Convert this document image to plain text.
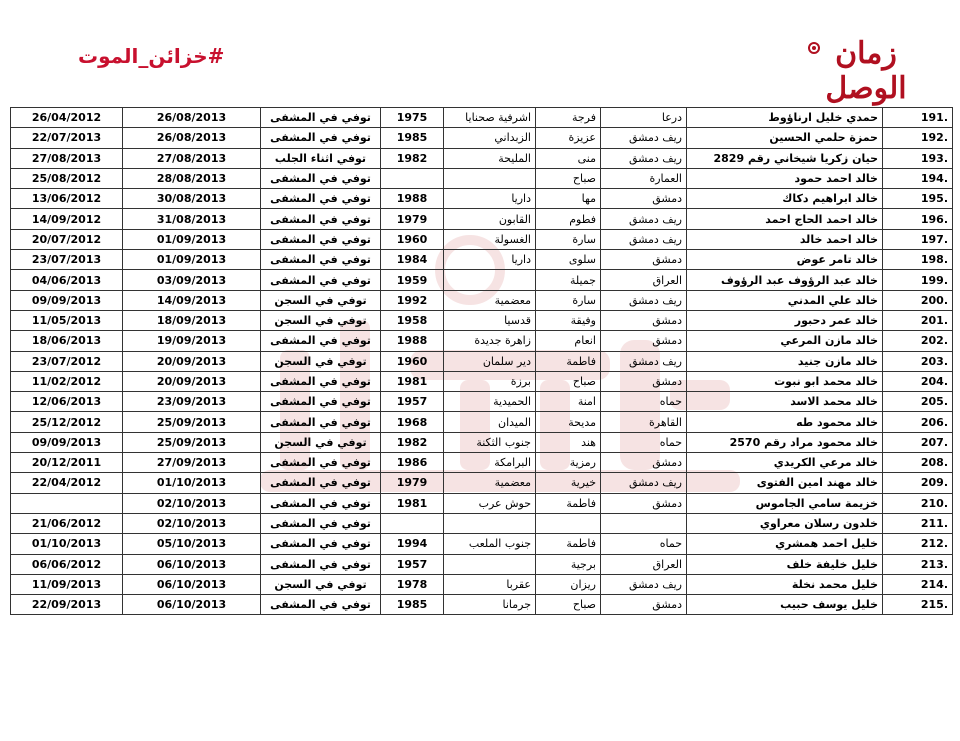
#خزائن_الموت	زمان الوصل
26/04/2012	26/08/2013	توفي في المشفى	1975	اشرفية صحنايا	فرجة	درعا	حمدي خليل ارناؤوط	191.
22/07/2013	26/08/2013	توفي في المشفى	1985	الزبداني	عزيزة	ريف دمشق	حمزة حلمي الحسين	192.
27/08/2013	27/08/2013	توفي اثناء الجلب	1982	المليحة	منى	ريف دمشق	حيان زكريا شيخاني رقم 2829	193.
25/08/2012	28/08/2013	توفي في المشفى			صباح	العمارة	خالد احمد حمود	194.
13/06/2012	30/08/2013	توفي في المشفى	1988	داريا	مها	دمشق	خالد ابراهيم دكاك	195.
14/09/2012	31/08/2013	توفي في المشفى	1979	القابون	فطوم	ريف دمشق	خالد احمد الحاج احمد	196.
20/07/2012	01/09/2013	توفي في المشفى	1960	الغسولة	سارة	ريف دمشق	خالد احمد خالد	197.
23/07/2013	01/09/2013	توفي في المشفى	1984	داريا	سلوى	دمشق	خالد تامر عوض	198.
04/06/2013	03/09/2013	توفي في المشفى	1959		جميلة	العراق	خالد عبد الرؤوف عبد الرؤوف	199.
09/09/2013	14/09/2013	توفي في السجن	1992	معضمية	سارة	ريف دمشق	خالد علي المدني	200.
11/05/2013	18/09/2013	توفي في السجن	1958	قدسيا	وفيقة	دمشق	خالد عمر دحبور	201.
18/06/2013	19/09/2013	توفي في المشفى	1988	زاهرة جديدة	انعام	دمشق	خالد مازن المرعي	202.
23/07/2012	20/09/2013	توفي في السجن	1960	دير سلمان	فاطمة	ريف دمشق	خالد مازن جنيد	203.
11/02/2012	20/09/2013	توفي في المشفى	1981	برزة	صباح	دمشق	خالد محمد ابو نبوت	204.
12/06/2013	23/09/2013	توفي في المشفى	1957	الحميدية	امنة	حماه	خالد محمد الاسد	205.
25/12/2012	25/09/2013	توفي في المشفى	1968	الميدان	مديحة	القاهرة	خالد محمود طه	206.
09/09/2013	25/09/2013	توفي في السجن	1982	جنوب الثكنة	هند	حماه	خالد محمود مراد رقم 2570	207.
20/12/2011	27/09/2013	توفي في المشفى	1986	البرامكة	رمزية	دمشق	خالد مرعي الكريدي	208.
22/04/2012	01/10/2013	توفي في المشفى	1979	معضمية	خيرية	ريف دمشق	خالد مهند امين الفتوى	209.
	02/10/2013	توفي في المشفى	1981	حوش عرب	فاطمة	دمشق	خزيمة سامي الجاموس	210.
21/06/2012	02/10/2013	توفي في المشفى					خلدون رسلان معراوي	211.
01/10/2013	05/10/2013	توفي في المشفى	1994	جنوب الملعب	فاطمة	حماه	خليل احمد همشري	212.
06/06/2012	06/10/2013	توفي في المشفى	1957		برجية	العراق	خليل خليفة خلف	213.
11/09/2013	06/10/2013	توفي في السجن	1978	عقربا	ريزان	ريف دمشق	خليل محمد نخلة	214.
22/09/2013	06/10/2013	توفي في المشفى	1985	جرمانا	صباح	دمشق	خليل يوسف حبيب	215.
